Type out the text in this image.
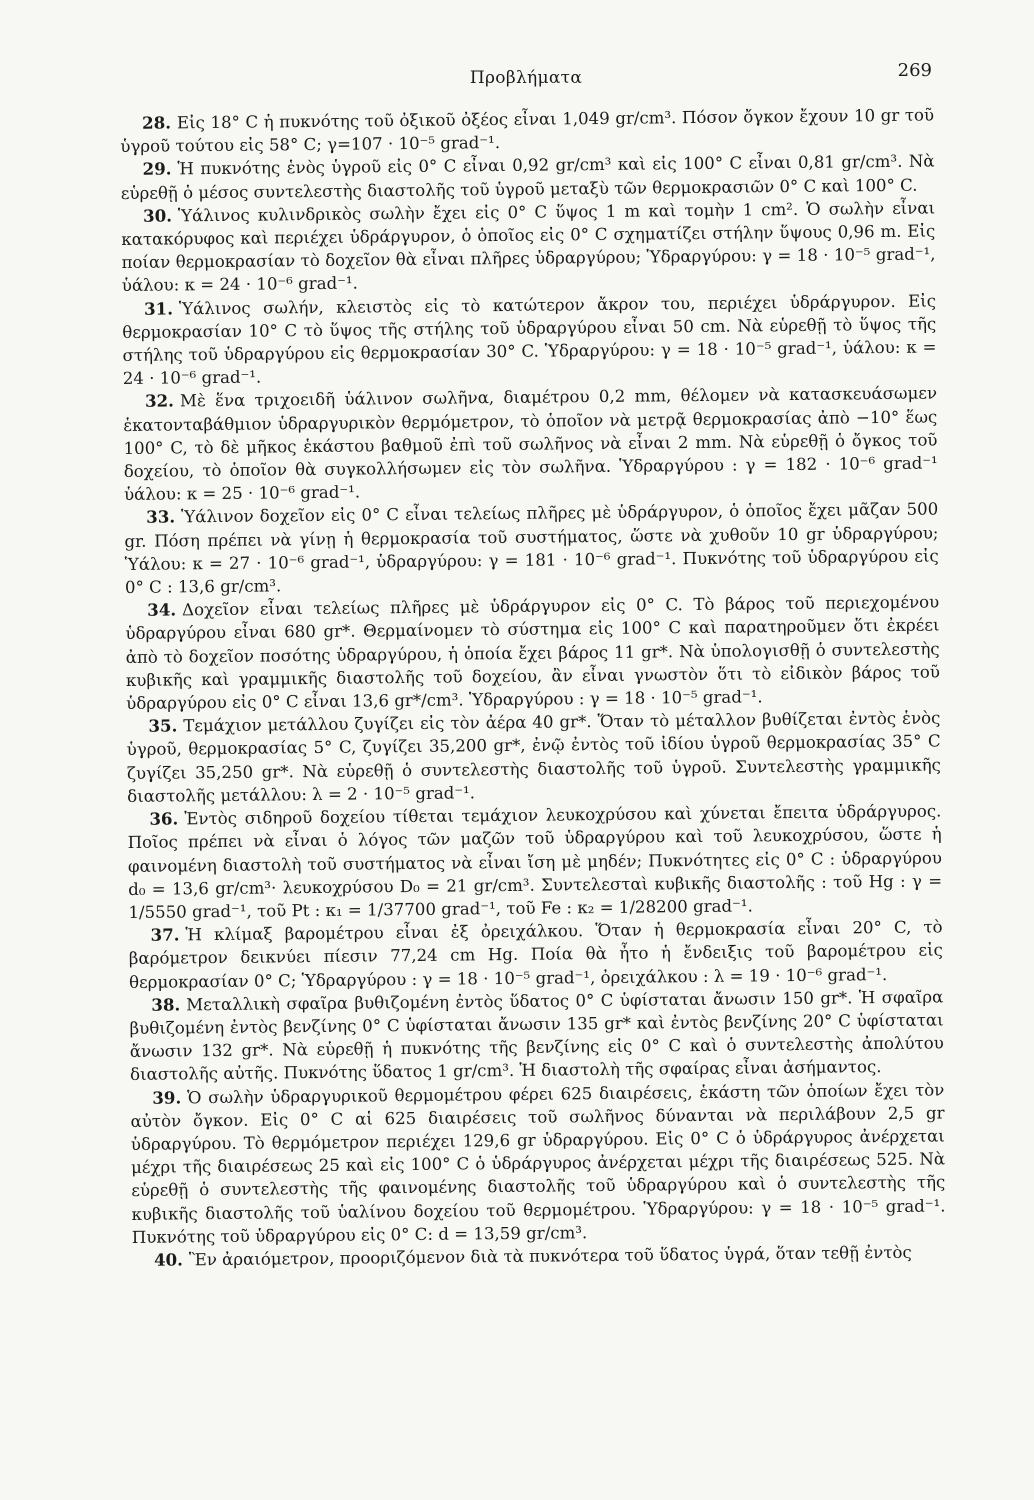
Προβλήματα	269

28. Εἰς 18° C ἡ πυκνότης τοῦ ὀξικοῦ ὀξέος εἶναι 1,049 gr/cm³. Πόσον ὄγκον ἔχουν 10 gr τοῦ ὑγροῦ τούτου εἰς 58° C; γ=107 · 10⁻⁵ grad⁻¹.

29. Ἡ πυκνότης ἑνὸς ὑγροῦ εἰς 0° C εἶναι 0,92 gr/cm³ καὶ εἰς 100° C εἶναι 0,81 gr/cm³. Νὰ εὑρεθῇ ὁ μέσος συντελεστὴς διαστολῆς τοῦ ὑγροῦ μεταξὺ τῶν θερμοκρασιῶν 0° C καὶ 100° C.

30. Ὑάλινος κυλινδρικὸς σωλὴν ἔχει εἰς 0° C ὕψος 1 m καὶ τομὴν 1 cm². Ὁ σωλὴν εἶναι κατακόρυφος καὶ περιέχει ὑδράργυρον, ὁ ὁποῖος εἰς 0° C σχηματίζει στήλην ὕψους 0,96 m. Εἰς ποίαν θερμοκρασίαν τὸ δοχεῖον θὰ εἶναι πλῆρες ὑδραργύρου; Ὑδραργύρου: γ = 18 · 10⁻⁵ grad⁻¹, ὑάλου: κ = 24 · 10⁻⁶ grad⁻¹.

31. Ὑάλινος σωλήν, κλειστὸς εἰς τὸ κατώτερον ἄκρον του, περιέχει ὑδράργυρον. Εἰς θερμοκρασίαν 10° C τὸ ὕψος τῆς στήλης τοῦ ὑδραργύρου εἶναι 50 cm. Νὰ εὑρεθῇ τὸ ὕψος τῆς στήλης τοῦ ὑδραργύρου εἰς θερμοκρασίαν 30° C. Ὑδραργύρου: γ = 18 · 10⁻⁵ grad⁻¹, ὑάλου: κ = 24 · 10⁻⁶ grad⁻¹.

32. Μὲ ἕνα τριχοειδῆ ὑάλινον σωλῆνα, διαμέτρου 0,2 mm, θέλομεν νὰ κατασκευάσωμεν ἑκατονταβάθμιον ὑδραργυρικὸν θερμόμετρον, τὸ ὁποῖον νὰ μετρᾷ θερμοκρασίας ἀπὸ −10° ἕως 100° C, τὸ δὲ μῆκος ἑκάστου βαθμοῦ ἐπὶ τοῦ σωλῆνος νὰ εἶναι 2 mm. Νὰ εὑρεθῇ ὁ ὄγκος τοῦ δοχείου, τὸ ὁποῖον θὰ συγκολλήσωμεν εἰς τὸν σωλῆνα. Ὑδραργύρου : γ = 182 · 10⁻⁶ grad⁻¹ ὑάλου: κ = 25 · 10⁻⁶ grad⁻¹.

33. Ὑάλινον δοχεῖον εἰς 0° C εἶναι τελείως πλῆρες μὲ ὑδράργυρον, ὁ ὁποῖος ἔχει μᾶζαν 500 gr. Πόση πρέπει νὰ γίνῃ ἡ θερμοκρασία τοῦ συστήματος, ὥστε νὰ χυθοῦν 10 gr ὑδραργύρου; Ὑάλου: κ = 27 · 10⁻⁶ grad⁻¹, ὑδραργύρου: γ = 181 · 10⁻⁶ grad⁻¹. Πυκνότης τοῦ ὑδραργύρου εἰς 0° C : 13,6 gr/cm³.

34. Δοχεῖον εἶναι τελείως πλῆρες μὲ ὑδράργυρον εἰς 0° C. Τὸ βάρος τοῦ περιεχομένου ὑδραργύρου εἶναι 680 gr*. Θερμαίνομεν τὸ σύστημα εἰς 100° C καὶ παρατηροῦμεν ὅτι ἐκρέει ἀπὸ τὸ δοχεῖον ποσότης ὑδραργύρου, ἡ ὁποία ἔχει βάρος 11 gr*. Νὰ ὑπολογισθῇ ὁ συντελεστὴς κυβικῆς καὶ γραμμικῆς διαστολῆς τοῦ δοχείου, ἂν εἶναι γνωστὸν ὅτι τὸ εἰδικὸν βάρος τοῦ ὑδραργύρου εἰς 0° C εἶναι 13,6 gr*/cm³. Ὑδραργύρου : γ = 18 · 10⁻⁵ grad⁻¹.

35. Τεμάχιον μετάλλου ζυγίζει εἰς τὸν ἀέρα 40 gr*. Ὅταν τὸ μέταλλον βυθίζεται ἐντὸς ἑνὸς ὑγροῦ, θερμοκρασίας 5° C, ζυγίζει 35,200 gr*, ἐνῷ ἐντὸς τοῦ ἰδίου ὑγροῦ θερμοκρασίας 35° C ζυγίζει 35,250 gr*. Νὰ εὑρεθῇ ὁ συντελεστὴς διαστολῆς τοῦ ὑγροῦ. Συντελεστὴς γραμμικῆς διαστολῆς μετάλλου: λ = 2 · 10⁻⁵ grad⁻¹.

36. Ἐντὸς σιδηροῦ δοχείου τίθεται τεμάχιον λευκοχρύσου καὶ χύνεται ἔπειτα ὑδράργυρος. Ποῖος πρέπει νὰ εἶναι ὁ λόγος τῶν μαζῶν τοῦ ὑδραργύρου καὶ τοῦ λευκοχρύσου, ὥστε ἡ φαινομένη διαστολὴ τοῦ συστήματος νὰ εἶναι ἴση μὲ μηδέν; Πυκνότητες εἰς 0° C : ὑδραργύρου d₀ = 13,6 gr/cm³· λευκοχρύσου D₀ = 21 gr/cm³. Συντελεσταὶ κυβικῆς διαστολῆς : τοῦ Hg : γ = 1/5550 grad⁻¹, τοῦ Pt : κ₁ = 1/37700 grad⁻¹, τοῦ Fe : κ₂ = 1/28200 grad⁻¹.

37. Ἡ κλίμαξ βαρομέτρου εἶναι ἐξ ὀρειχάλκου. Ὅταν ἡ θερμοκρασία εἶναι 20° C, τὸ βαρόμετρον δεικνύει πίεσιν 77,24 cm Hg. Ποία θὰ ἦτο ἡ ἔνδειξις τοῦ βαρομέτρου εἰς θερμοκρασίαν 0° C; Ὑδραργύρου : γ = 18 · 10⁻⁵ grad⁻¹, ὀρειχάλκου : λ = 19 · 10⁻⁶ grad⁻¹.

38. Μεταλλικὴ σφαῖρα βυθιζομένη ἐντὸς ὕδατος 0° C ὑφίσταται ἄνωσιν 150 gr*. Ἡ σφαῖρα βυθιζομένη ἐντὸς βενζίνης 0° C ὑφίσταται ἄνωσιν 135 gr* καὶ ἐντὸς βενζίνης 20° C ὑφίσταται ἄνωσιν 132 gr*. Νὰ εὑρεθῇ ἡ πυκνότης τῆς βενζίνης εἰς 0° C καὶ ὁ συντελεστὴς ἀπολύτου διαστολῆς αὐτῆς. Πυκνότης ὕδατος 1 gr/cm³. Ἡ διαστολὴ τῆς σφαίρας εἶναι ἀσήμαντος.

39. Ὁ σωλὴν ὑδραργυρικοῦ θερμομέτρου φέρει 625 διαιρέσεις, ἑκάστη τῶν ὁποίων ἔχει τὸν αὐτὸν ὄγκον. Εἰς 0° C αἱ 625 διαιρέσεις τοῦ σωλῆνος δύνανται νὰ περιλάβουν 2,5 gr ὑδραργύρου. Τὸ θερμόμετρον περιέχει 129,6 gr ὑδραργύρου. Εἰς 0° C ὁ ὑδράργυρος ἀνέρχεται μέχρι τῆς διαιρέσεως 25 καὶ εἰς 100° C ὁ ὑδράργυρος ἀνέρχεται μέχρι τῆς διαιρέσεως 525. Νὰ εὑρεθῇ ὁ συντελεστὴς τῆς φαινομένης διαστολῆς τοῦ ὑδραργύρου καὶ ὁ συντελεστὴς τῆς κυβικῆς διαστολῆς τοῦ ὑαλίνου δοχείου τοῦ θερμομέτρου. Ὑδραργύρου: γ = 18 · 10⁻⁵ grad⁻¹. Πυκνότης τοῦ ὑδραργύρου εἰς 0° C: d = 13,59 gr/cm³.

40. Ἓν ἀραιόμετρον, προοριζόμενον διὰ τὰ πυκνότερα τοῦ ὕδατος ὑγρά, ὅταν τεθῇ ἐντὸς
